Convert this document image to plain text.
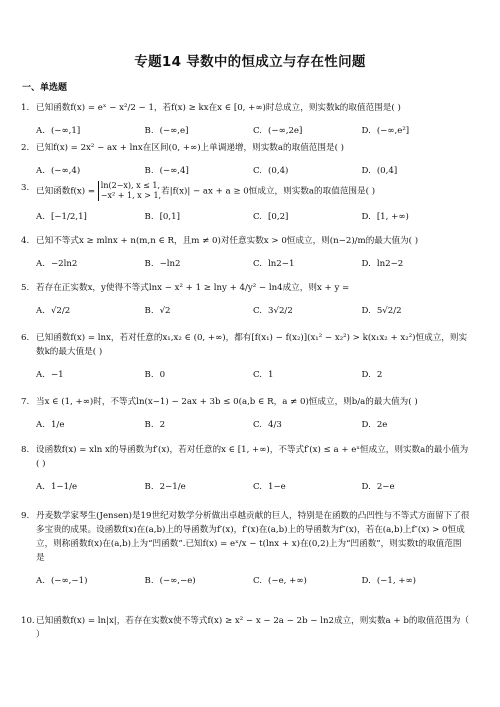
专题14 导数中的恒成立与存在性问题
一、单选题
1. 已知函数f(x) = eˣ − x²/2 − 1，若f(x) ≥ kx在x ∈ [0, +∞)时总成立，则实数k的取值范围是( )
A. (−∞,1]	B. (−∞,e]	C. (−∞,2e]	D. (−∞,e²]
2. 已知f(x) = 2x² − ax + lnx在区间(0, +∞)上单调递增，则实数a的取值范围是( )
A. (−∞,4)	B. (−∞,4]	C. (0,4)	D. (0,4]
3. 已知函数f(x) = ln(2−x), x ≤ 1,
−x² + 1, x > 1,若|f(x)| − ax + a ≥ 0恒成立，则实数a的取值范围是( )
A. [−1/2,1]	B. [0,1]	C. [0,2]	D. [1, +∞)
4. 已知不等式x ≥ mlnx + n(m,n ∈ R，且m ≠ 0)对任意实数x > 0恒成立，则(n−2)/m的最大值为( )
A. −2ln2	B. −ln2	C. ln2−1	D. ln2−2
5. 若存在正实数x，y使得不等式lnx − x² + 1 ≥ lny + 4/y² − ln4成立，则x + y =
A. √2/2	B. √2	C. 3√2/2	D. 5√2/2
6. 已知函数f(x) = lnx，若对任意的x₁,x₂ ∈ (0, +∞)，都有[f(x₁) − f(x₂)](x₁² − x₂²) > k(x₁x₂ + x₂²)恒成立，则实数k的最大值是( )
A. −1	B. 0	C. 1	D. 2
7. 当x ∈ (1, +∞)时，不等式ln(x−1) − 2ax + 3b ≤ 0(a,b ∈ R，a ≠ 0)恒成立，则b/a的最大值为( )
A. 1/e	B. 2	C. 4/3	D. 2e
8. 设函数f(x) = xln x的导函数为f′(x)，若对任意的x ∈ [1, +∞)，不等式f′(x) ≤ a + eˣ恒成立，则实数a的最小值为( )
A. 1−1/e	B. 2−1/e	C. 1−e	D. 2−e
9. 丹麦数学家琴生(Jensen)是19世纪对数学分析做出卓越贡献的巨人，特别是在函数的凸凹性与不等式方面留下了很多宝贵的成果。设函数f(x)在(a,b)上的导函数为f′(x)，f′(x)在(a,b)上的导函数为f″(x)，若在(a,b)上f″(x) > 0恒成立，则称函数f(x)在(a,b)上为“凹函数”.已知f(x) = eˣ/x − t(lnx + x)在(0,2)上为“凹函数”，则实数t的取值范围是
A. (−∞,−1)	B. (−∞,−e)	C. (−e, +∞)	D. (−1, +∞)
10. 已知函数f(x) = ln|x|，若存在实数x使不等式f(x) ≥ x² − x − 2a − 2b − ln2成立，则实数a + b的取值范围为（ ）
